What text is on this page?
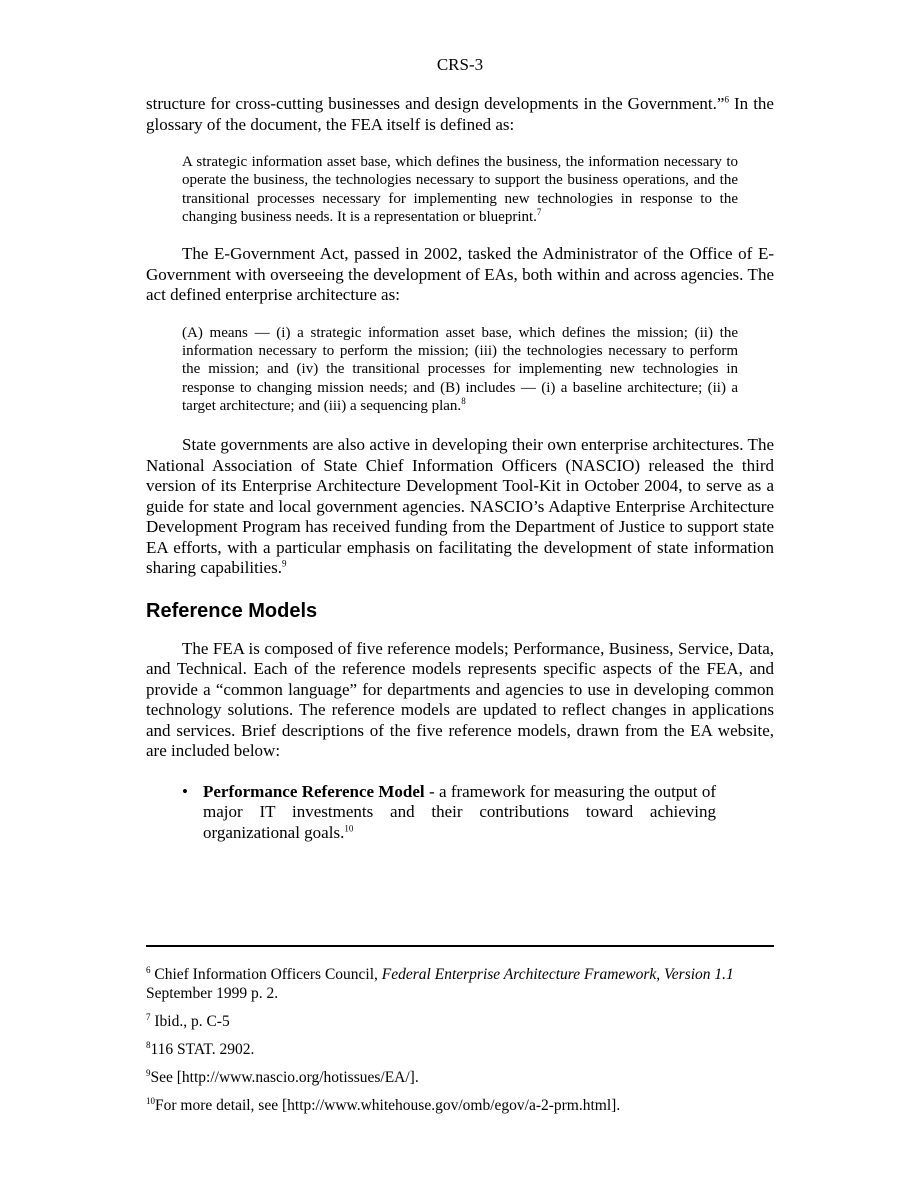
CRS-3

structure for cross-cutting businesses and design developments in the Government.”$^6$ In the glossary of the document, the FEA itself is defined as:

A strategic information asset base, which defines the business, the information necessary to operate the business, the technologies necessary to support the business operations, and the transitional processes necessary for implementing new technologies in response to the changing business needs. It is a representation or blueprint.$^7$

The E-Government Act, passed in 2002, tasked the Administrator of the Office of E-Government with overseeing the development of EAs, both within and across agencies. The act defined enterprise architecture as:

(A) means — (i) a strategic information asset base, which defines the mission; (ii) the information necessary to perform the mission; (iii) the technologies necessary to perform the mission; and (iv) the transitional processes for implementing new technologies in response to changing mission needs; and (B) includes — (i) a baseline architecture; (ii) a target architecture; and (iii) a sequencing plan.$^8$

State governments are also active in developing their own enterprise architectures. The National Association of State Chief Information Officers (NASCIO) released the third version of its Enterprise Architecture Development Tool-Kit in October 2004, to serve as a guide for state and local government agencies. NASCIO’s Adaptive Enterprise Architecture Development Program has received funding from the Department of Justice to support state EA efforts, with a particular emphasis on facilitating the development of state information sharing capabilities.$^9$

Reference Models

The FEA is composed of five reference models; Performance, Business, Service, Data, and Technical. Each of the reference models represents specific aspects of the FEA, and provide a “common language” for departments and agencies to use in developing common technology solutions. The reference models are updated to reflect changes in applications and services. Brief descriptions of the five reference models, drawn from the EA website, are included below:

• Performance Reference Model - a framework for measuring the output of major IT investments and their contributions toward achieving organizational goals.$^{10}$
$^6$ Chief Information Officers Council, Federal Enterprise Architecture Framework, Version 1.1 September 1999 p. 2.
$^7$ Ibid., p. C-5
$^8$116 STAT. 2902.
$^9$See [http://www.nascio.org/hotissues/EA/].
$^{10}$For more detail, see [http://www.whitehouse.gov/omb/egov/a-2-prm.html].
